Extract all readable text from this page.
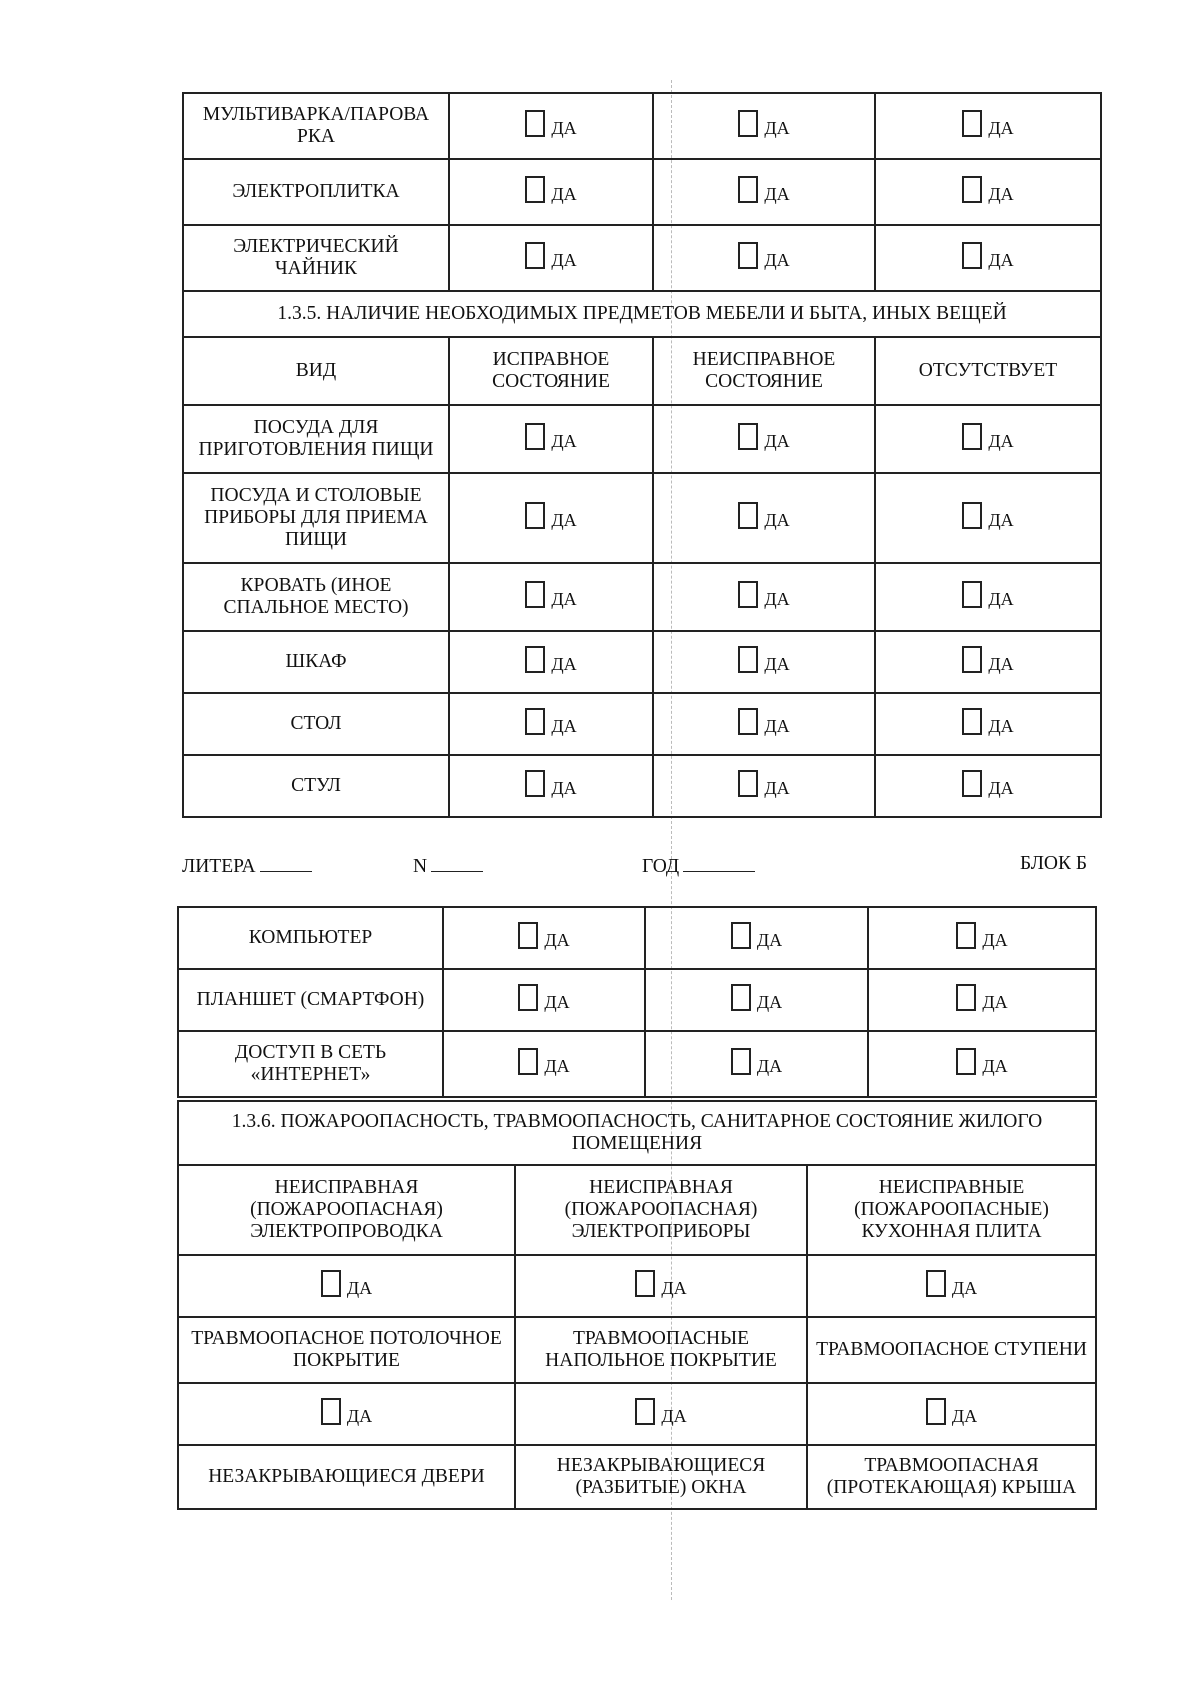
МУЛЬТИВАРКА/ПАРОВА РКА	ДА	ДА	ДА

ЭЛЕКТРОПЛИТКА	ДА	ДА	ДА

ЭЛЕКТРИЧЕСКИЙ ЧАЙНИК	ДА	ДА	ДА

1.3.5. НАЛИЧИЕ НЕОБХОДИМЫХ ПРЕДМЕТОВ МЕБЕЛИ И БЫТА, ИНЫХ ВЕЩЕЙ			
ВИД	ИСПРАВНОЕ СОСТОЯНИЕ	НЕИСПРАВНОЕ СОСТОЯНИЕ	ОТСУТСТВУЕТ
ПОСУДА ДЛЯ ПРИГОТОВЛЕНИЯ ПИЩИ	ДА	ДА	ДА

ПОСУДА И СТОЛОВЫЕ ПРИБОРЫ ДЛЯ ПРИЕМА ПИЩИ	ДА	ДА	ДА

КРОВАТЬ (ИНОЕ СПАЛЬНОЕ МЕСТО)	ДА	ДА	ДА

ШКАФ	ДА	ДА	ДА

СТОЛ	ДА	ДА	ДА

СТУЛ	ДА	ДА	ДА
ЛИТЕРА	N	ГОД	БЛОК Б
КОМПЬЮТЕР	ДА	ДА	ДА

ПЛАНШЕТ (СМАРТФОН)	ДА	ДА	ДА

ДОСТУП В СЕТЬ «ИНТЕРНЕТ»	ДА	ДА	ДА
1.3.6. ПОЖАРООПАСНОСТЬ, ТРАВМООПАСНОСТЬ, САНИТАРНОЕ СОСТОЯНИЕ ЖИЛОГО ПОМЕЩЕНИЯ		
НЕИСПРАВНАЯ (ПОЖАРООПАСНАЯ) ЭЛЕКТРОПРОВОДКА	НЕИСПРАВНАЯ (ПОЖАРООПАСНАЯ) ЭЛЕКТРОПРИБОРЫ	НЕИСПРАВНЫЕ (ПОЖАРООПАСНЫЕ) КУХОННАЯ ПЛИТА

ДА	ДА	ДА

ТРАВМООПАСНОЕ ПОТОЛОЧНОЕ ПОКРЫТИЕ	ТРАВМООПАСНЫЕ НАПОЛЬНОЕ ПОКРЫТИЕ	ТРАВМООПАСНОЕ СТУПЕНИ

ДА	ДА	ДА

НЕЗАКРЫВАЮЩИЕСЯ ДВЕРИ	НЕЗАКРЫВАЮЩИЕСЯ (РАЗБИТЫЕ) ОКНА	ТРАВМООПАСНАЯ (ПРОТЕКАЮЩАЯ) КРЫША
